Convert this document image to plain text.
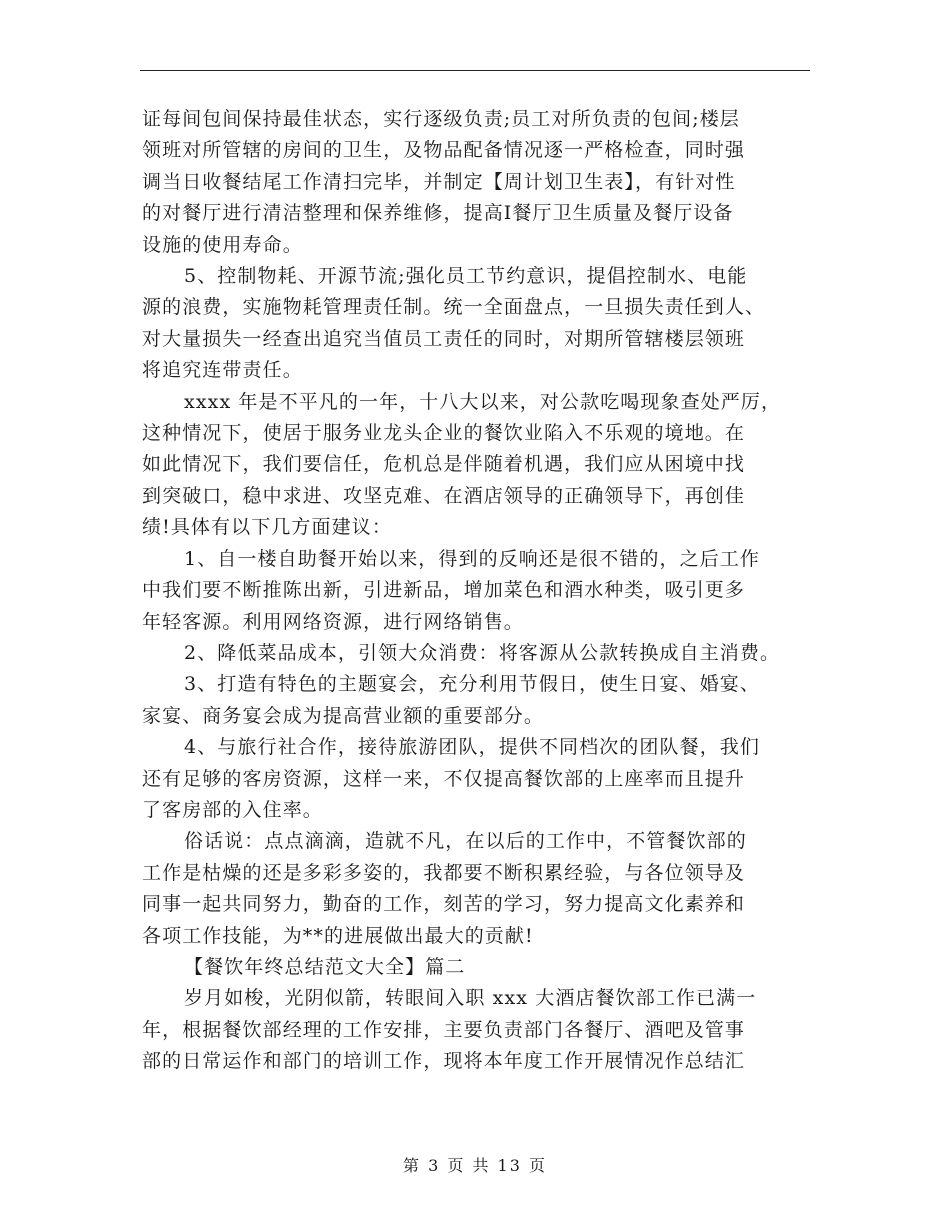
证每间包间保持最佳状态，实行逐级负责;员工对所负责的包间;楼层
领班对所管辖的房间的卫生，及物品配备情况逐一严格检查，同时强
调当日收餐结尾工作清扫完毕，并制定【周计划卫生表】，有针对性
的对餐厅进行清洁整理和保养维修，提高I餐厅卫生质量及餐厅设备
设施的使用寿命。
5、控制物耗、开源节流;强化员工节约意识，提倡控制水、电能
源的浪费，实施物耗管理责任制。统一全面盘点，一旦损失责任到人、
对大量损失一经查出追究当值员工责任的同时，对期所管辖楼层领班
将追究连带责任。
xxxx 年是不平凡的一年，十八大以来，对公款吃喝现象查处严厉，
这种情况下，使居于服务业龙头企业的餐饮业陷入不乐观的境地。在
如此情况下，我们要信任，危机总是伴随着机遇，我们应从困境中找
到突破口，稳中求进、攻坚克难、在酒店领导的正确领导下，再创佳
绩!具体有以下几方面建议：
1、自一楼自助餐开始以来，得到的反响还是很不错的，之后工作
中我们要不断推陈出新，引进新品，增加菜色和酒水种类，吸引更多
年轻客源。利用网络资源，进行网络销售。
2、降低菜品成本，引领大众消费：将客源从公款转换成自主消费。
3、打造有特色的主题宴会，充分利用节假日，使生日宴、婚宴、
家宴、商务宴会成为提高营业额的重要部分。
4、与旅行社合作，接待旅游团队，提供不同档次的团队餐，我们
还有足够的客房资源，这样一来，不仅提高餐饮部的上座率而且提升
了客房部的入住率。
俗话说：点点滴滴，造就不凡，在以后的工作中，不管餐饮部的
工作是枯燥的还是多彩多姿的，我都要不断积累经验，与各位领导及
同事一起共同努力，勤奋的工作，刻苦的学习，努力提高文化素养和
各项工作技能，为**的进展做出最大的贡献!
【餐饮年终总结范文大全】篇二
岁月如梭，光阴似箭，转眼间入职 xxx 大酒店餐饮部工作已满一
年，根据餐饮部经理的工作安排，主要负责部门各餐厅、酒吧及管事
部的日常运作和部门的培训工作，现将本年度工作开展情况作总结汇
第 3 页 共 13 页
